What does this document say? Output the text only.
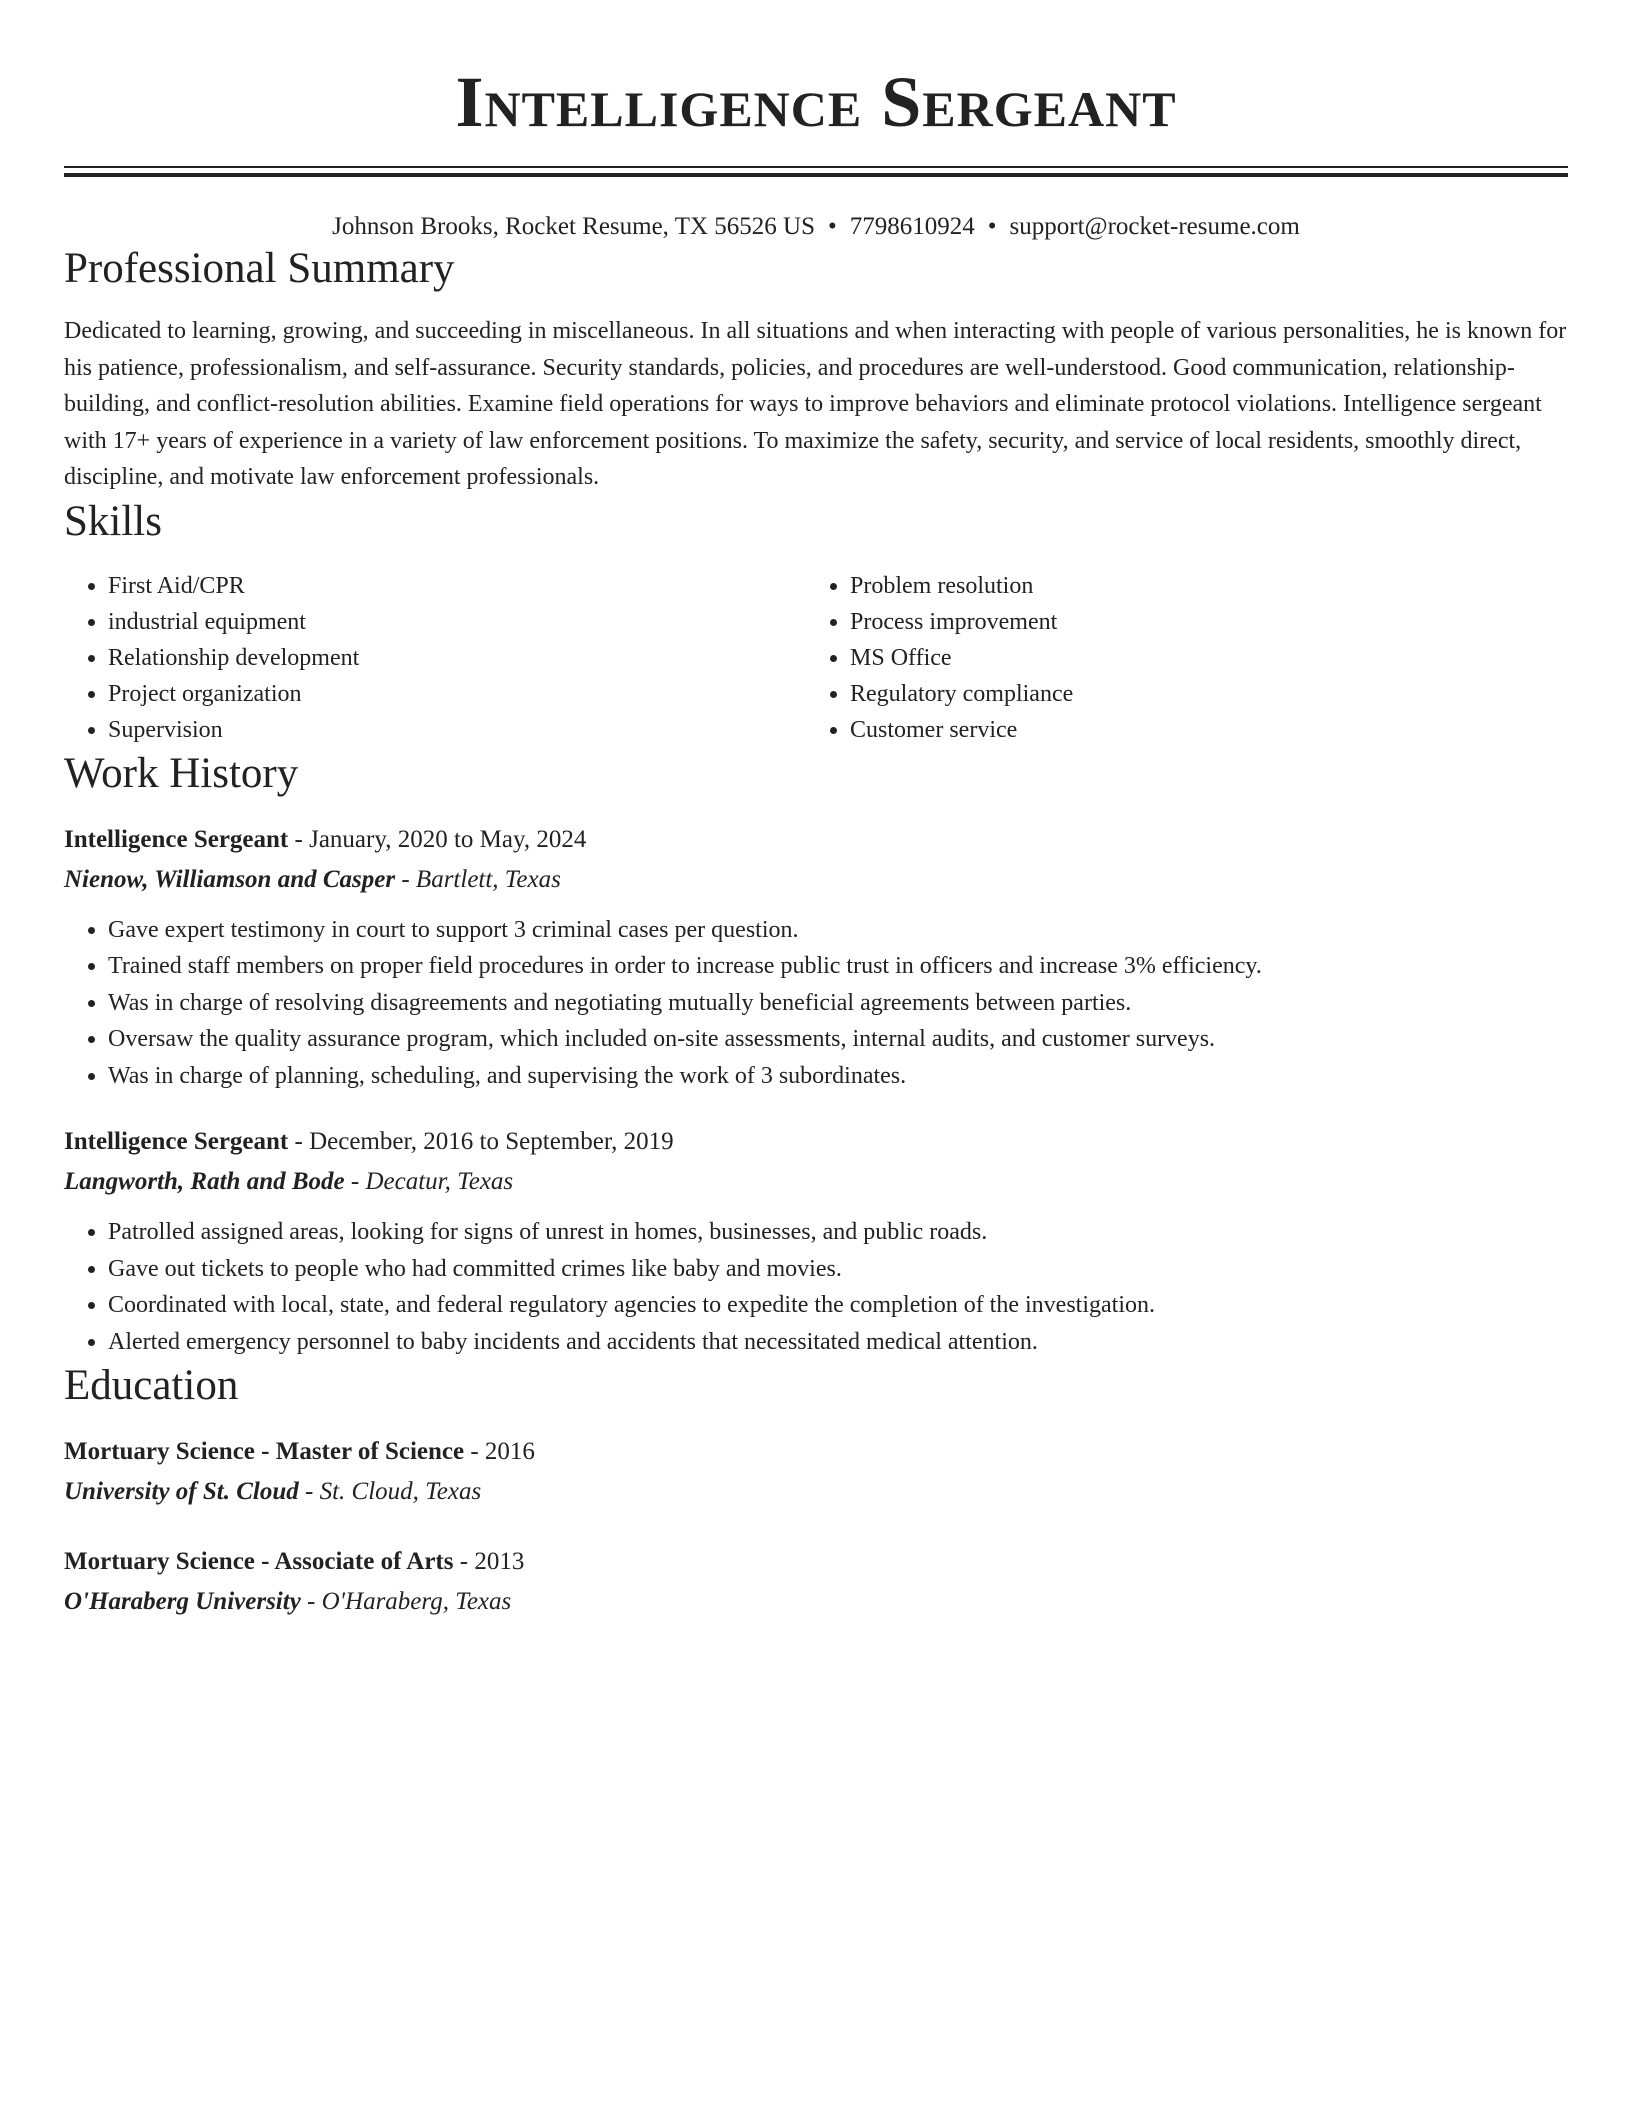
Intelligence Sergeant
Johnson Brooks, Rocket Resume, TX 56526 US • 7798610924 • support@rocket-resume.com
Professional Summary

Dedicated to learning, growing, and succeeding in miscellaneous. In all situations and when interacting with people of various personalities, he is known for his patience, professionalism, and self-assurance. Security standards, policies, and procedures are well-understood. Good communication, relationship-building, and conflict-resolution abilities. Examine field operations for ways to improve behaviors and eliminate protocol violations. Intelligence sergeant with 17+ years of experience in a variety of law enforcement positions. To maximize the safety, security, and service of local residents, smoothly direct, discipline, and motivate law enforcement professionals.

Skills
• First Aid/CPR
• industrial equipment
• Relationship development
• Project organization
• Supervision
• Problem resolution
• Process improvement
• MS Office
• Regulatory compliance
• Customer service
Work History
Intelligence Sergeant - January, 2020 to May, 2024
Nienow, Williamson and Casper - Bartlett, Texas
• Gave expert testimony in court to support 3 criminal cases per question.
• Trained staff members on proper field procedures in order to increase public trust in officers and increase 3% efficiency.
• Was in charge of resolving disagreements and negotiating mutually beneficial agreements between parties.
• Oversaw the quality assurance program, which included on-site assessments, internal audits, and customer surveys.
• Was in charge of planning, scheduling, and supervising the work of 3 subordinates.
Intelligence Sergeant - December, 2016 to September, 2019
Langworth, Rath and Bode - Decatur, Texas
• Patrolled assigned areas, looking for signs of unrest in homes, businesses, and public roads.
• Gave out tickets to people who had committed crimes like baby and movies.
• Coordinated with local, state, and federal regulatory agencies to expedite the completion of the investigation.
• Alerted emergency personnel to baby incidents and accidents that necessitated medical attention.
Education
Mortuary Science - Master of Science - 2016
University of St. Cloud - St. Cloud, Texas
Mortuary Science - Associate of Arts - 2013
O'Haraberg University - O'Haraberg, Texas
